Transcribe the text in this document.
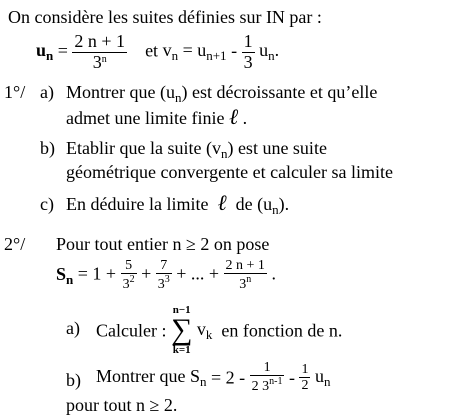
On considère les suites définies sur IN par :
$u_n = \frac{2 n + 1}{3^n}$ et $v_n = u_{n+1} - \frac{1}{3} u_n$.
1°/ a) Montrer que $(u_n)$ est décroissante et qu’elle
admet une limite finie ℓ .
b) Etablir que la suite $(v_n)$ est une suite
géométrique convergente et calculer sa limite
c) En déduire la limite ℓ de $(u_n)$.
2°/ Pour tout entier n ≥ 2 on pose
$S_n = 1 + \frac{5}{3^2} + \frac{7}{3^3}$ + ... + $\frac{2 n + 1}{3^n}$ .
a) Calculer :
n−1
∑
k=1
$v_k$ en fonction de n.
b) Montrer que $S_n = 2 - \frac{1}{2 3^{n-1}} - \frac{1}{2} u_n$
pour tout n ≥ 2.
